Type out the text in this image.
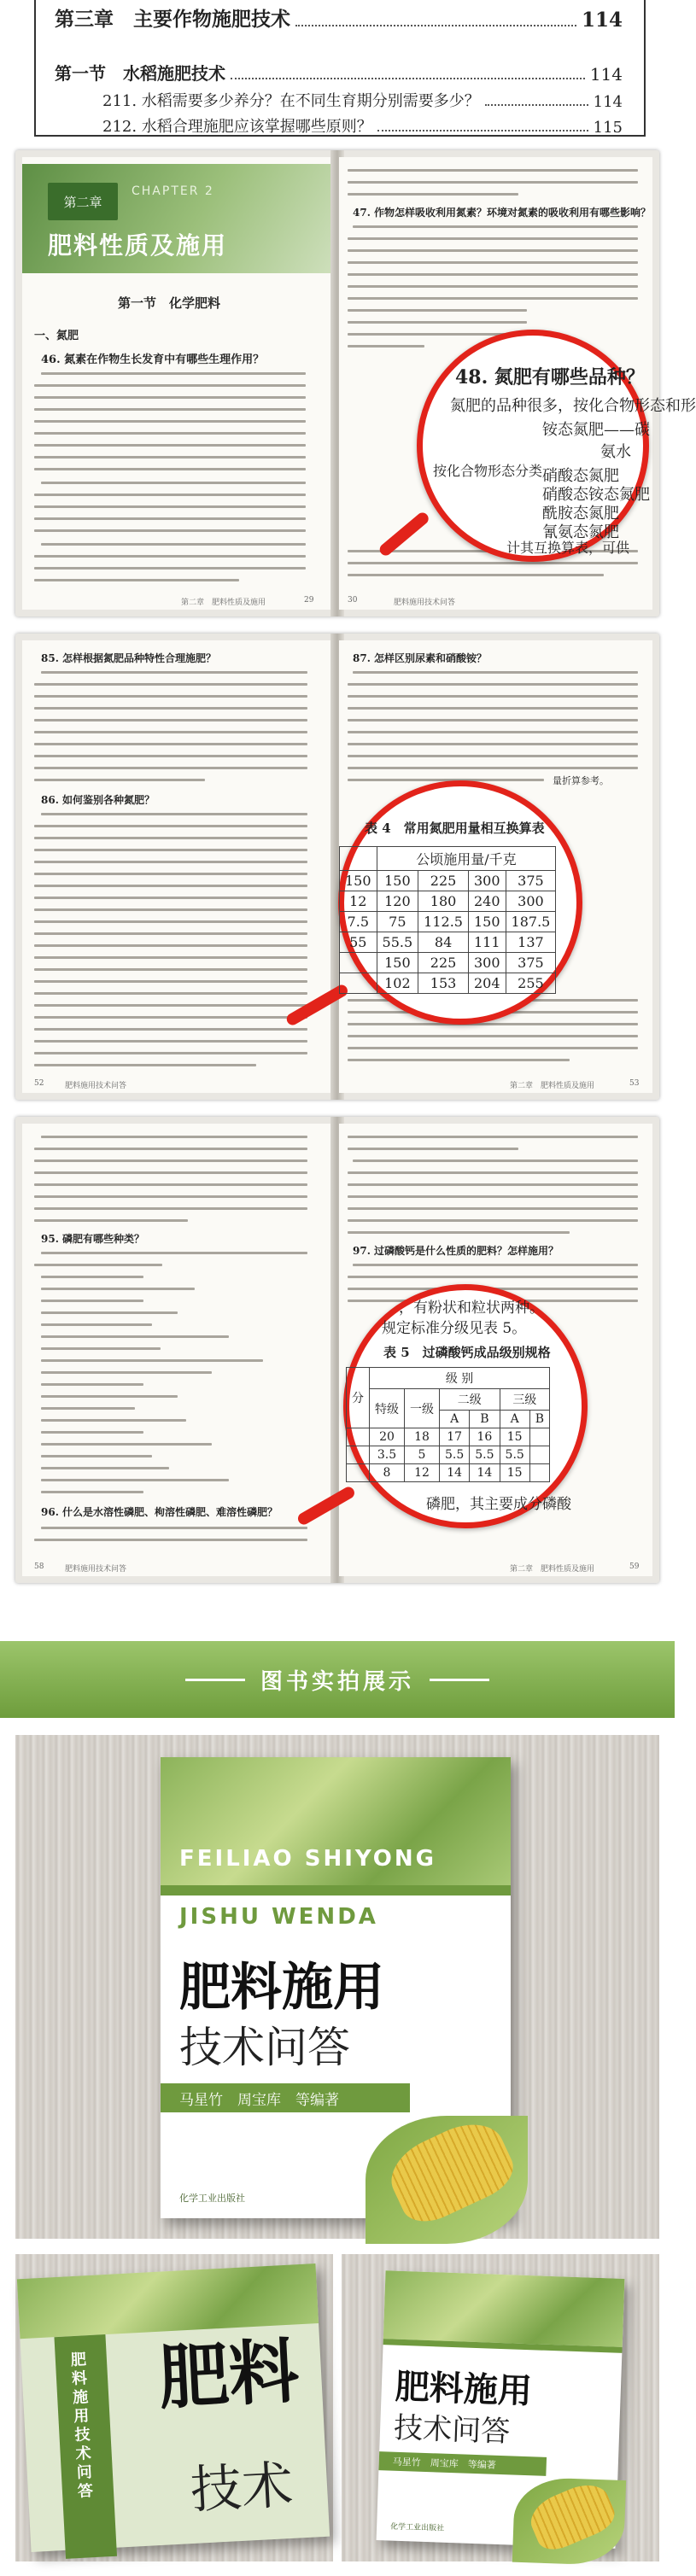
第三章　主要作物施肥技术	114
第一节　水稻施肥技术	114
211. 水稻需要多少养分？在不同生育期分别需要多少？	114
212. 水稻合理施肥应该掌握哪些原则？	115
第二章
CHAPTER 2
肥料性质及施用
第一节　化学肥料
一、氮肥
46. 氮素在作物生长发育中有哪些生理作用？
第二章　肥料性质及施用	29
47. 作物怎样吸收利用氮素？环境对氮素的吸收利用有哪些影响？
30	肥料施用技术问答
48. 氮肥有哪些品种？
氮肥的品种很多，按化合物形态和形
铵态氮肥——碳
氨水
按化合物形态分类 硝酸态氮肥
硝酸态铵态氮肥
酰胺态氮肥
氰氨态氮肥
计其互换算表，可供
85. 怎样根据氮肥品种特性合理施肥？
86. 如何鉴别各种氮肥？
52	肥料施用技术问答
87. 怎样区别尿素和硝酸铵？
量折算参考。
第二章　肥料性质及施用	53
表 4　常用氮肥用量相互换算表
	公顷施用量/千克			
150	150	225	300	375
12	120	180	240	300
7.5	75	112.5	150	187.5
55	55.5	84	111	137
	150	225	300	375
	102	153	204	255
95. 磷肥有哪些种类？
96. 什么是水溶性磷肥、枸溶性磷肥、难溶性磷肥？
58	肥料施用技术问答
97. 过磷酸钙是什么性质的肥料？怎样施用？
第二章　肥料性质及施用	59
，有粉状和粒状两种。
规定标准分级见表 5。
表 5　过磷酸钙成品级别规格
分	级 别					
	特级	一级	二级		三级	
			A	B	A	B
	20	18	17	16	15	
	3.5	5	5.5	5.5	5.5	
	8	12	14	14	15	
磷肥，其主要成分磷酸
图书实拍展示
FEILIAO SHIYONG
JISHU WENDA
肥料施用
技术问答
马星竹　周宝库　等编著
化学工业出版社
肥料
技术
肥料施用技术问答	肥料施用
技术问答
马星竹　周宝库　等编著
化学工业出版社
